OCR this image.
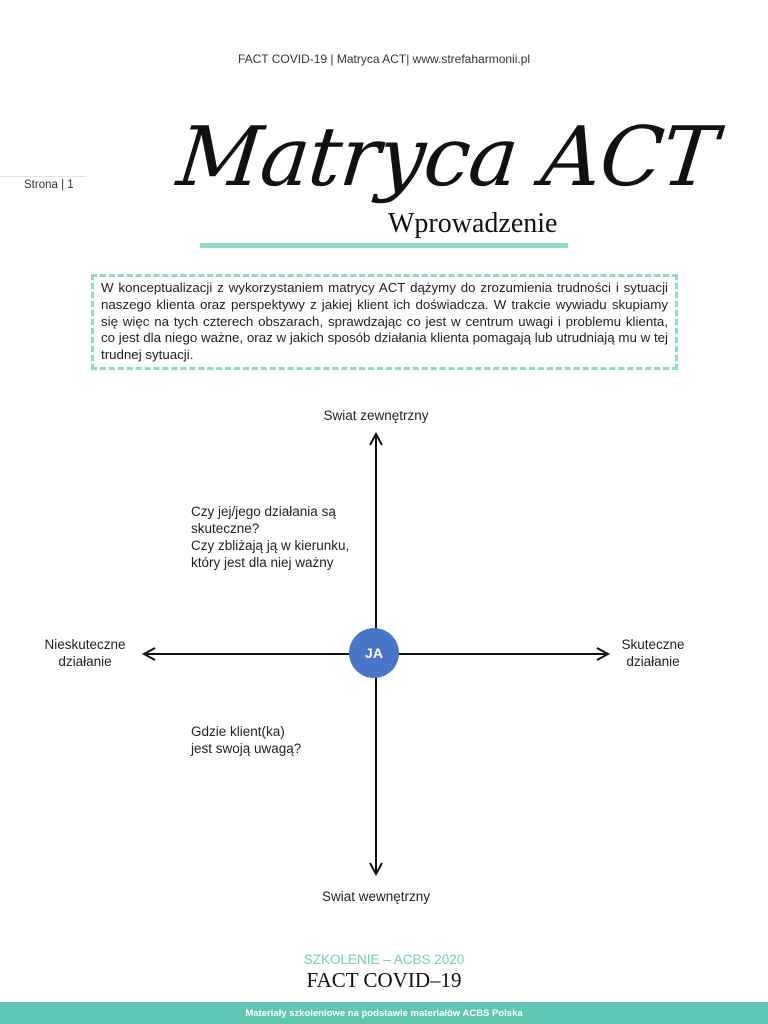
FACT COVID-19 | Matryca ACT| www.strefaharmonii.pl
Strona | 1 Matryca ACT
Wprowadzenie
W konceptualizacji z wykorzystaniem matrycy ACT dążymy do zrozumienia trudności i sytuacji naszego klienta oraz perspektywy z jakiej klient ich doświadcza. W trakcie wywiadu skupiamy się więc na tych czterech obszarach, sprawdzając co jest w centrum uwagi i problemu klienta, co jest dla niego ważne, oraz w jakich sposób działania klienta pomagają lub utrudniają mu w tej trudnej sytuacji.
Swiat zewnętrzny
Swiat wewnętrzny
Nieskuteczne
działanie
Skuteczne
działanie
Czy jej/jego działania są
skuteczne?
Czy zbliżają ją w kierunku,
który jest dla niej ważny
Gdzie klient(ka)
jest swoją uwagą?
JA
SZKOLENIE – ACBS 2020
FACT COVID–19
Materiały szkoleniowe na podstawie materiałów ACBS Polska
